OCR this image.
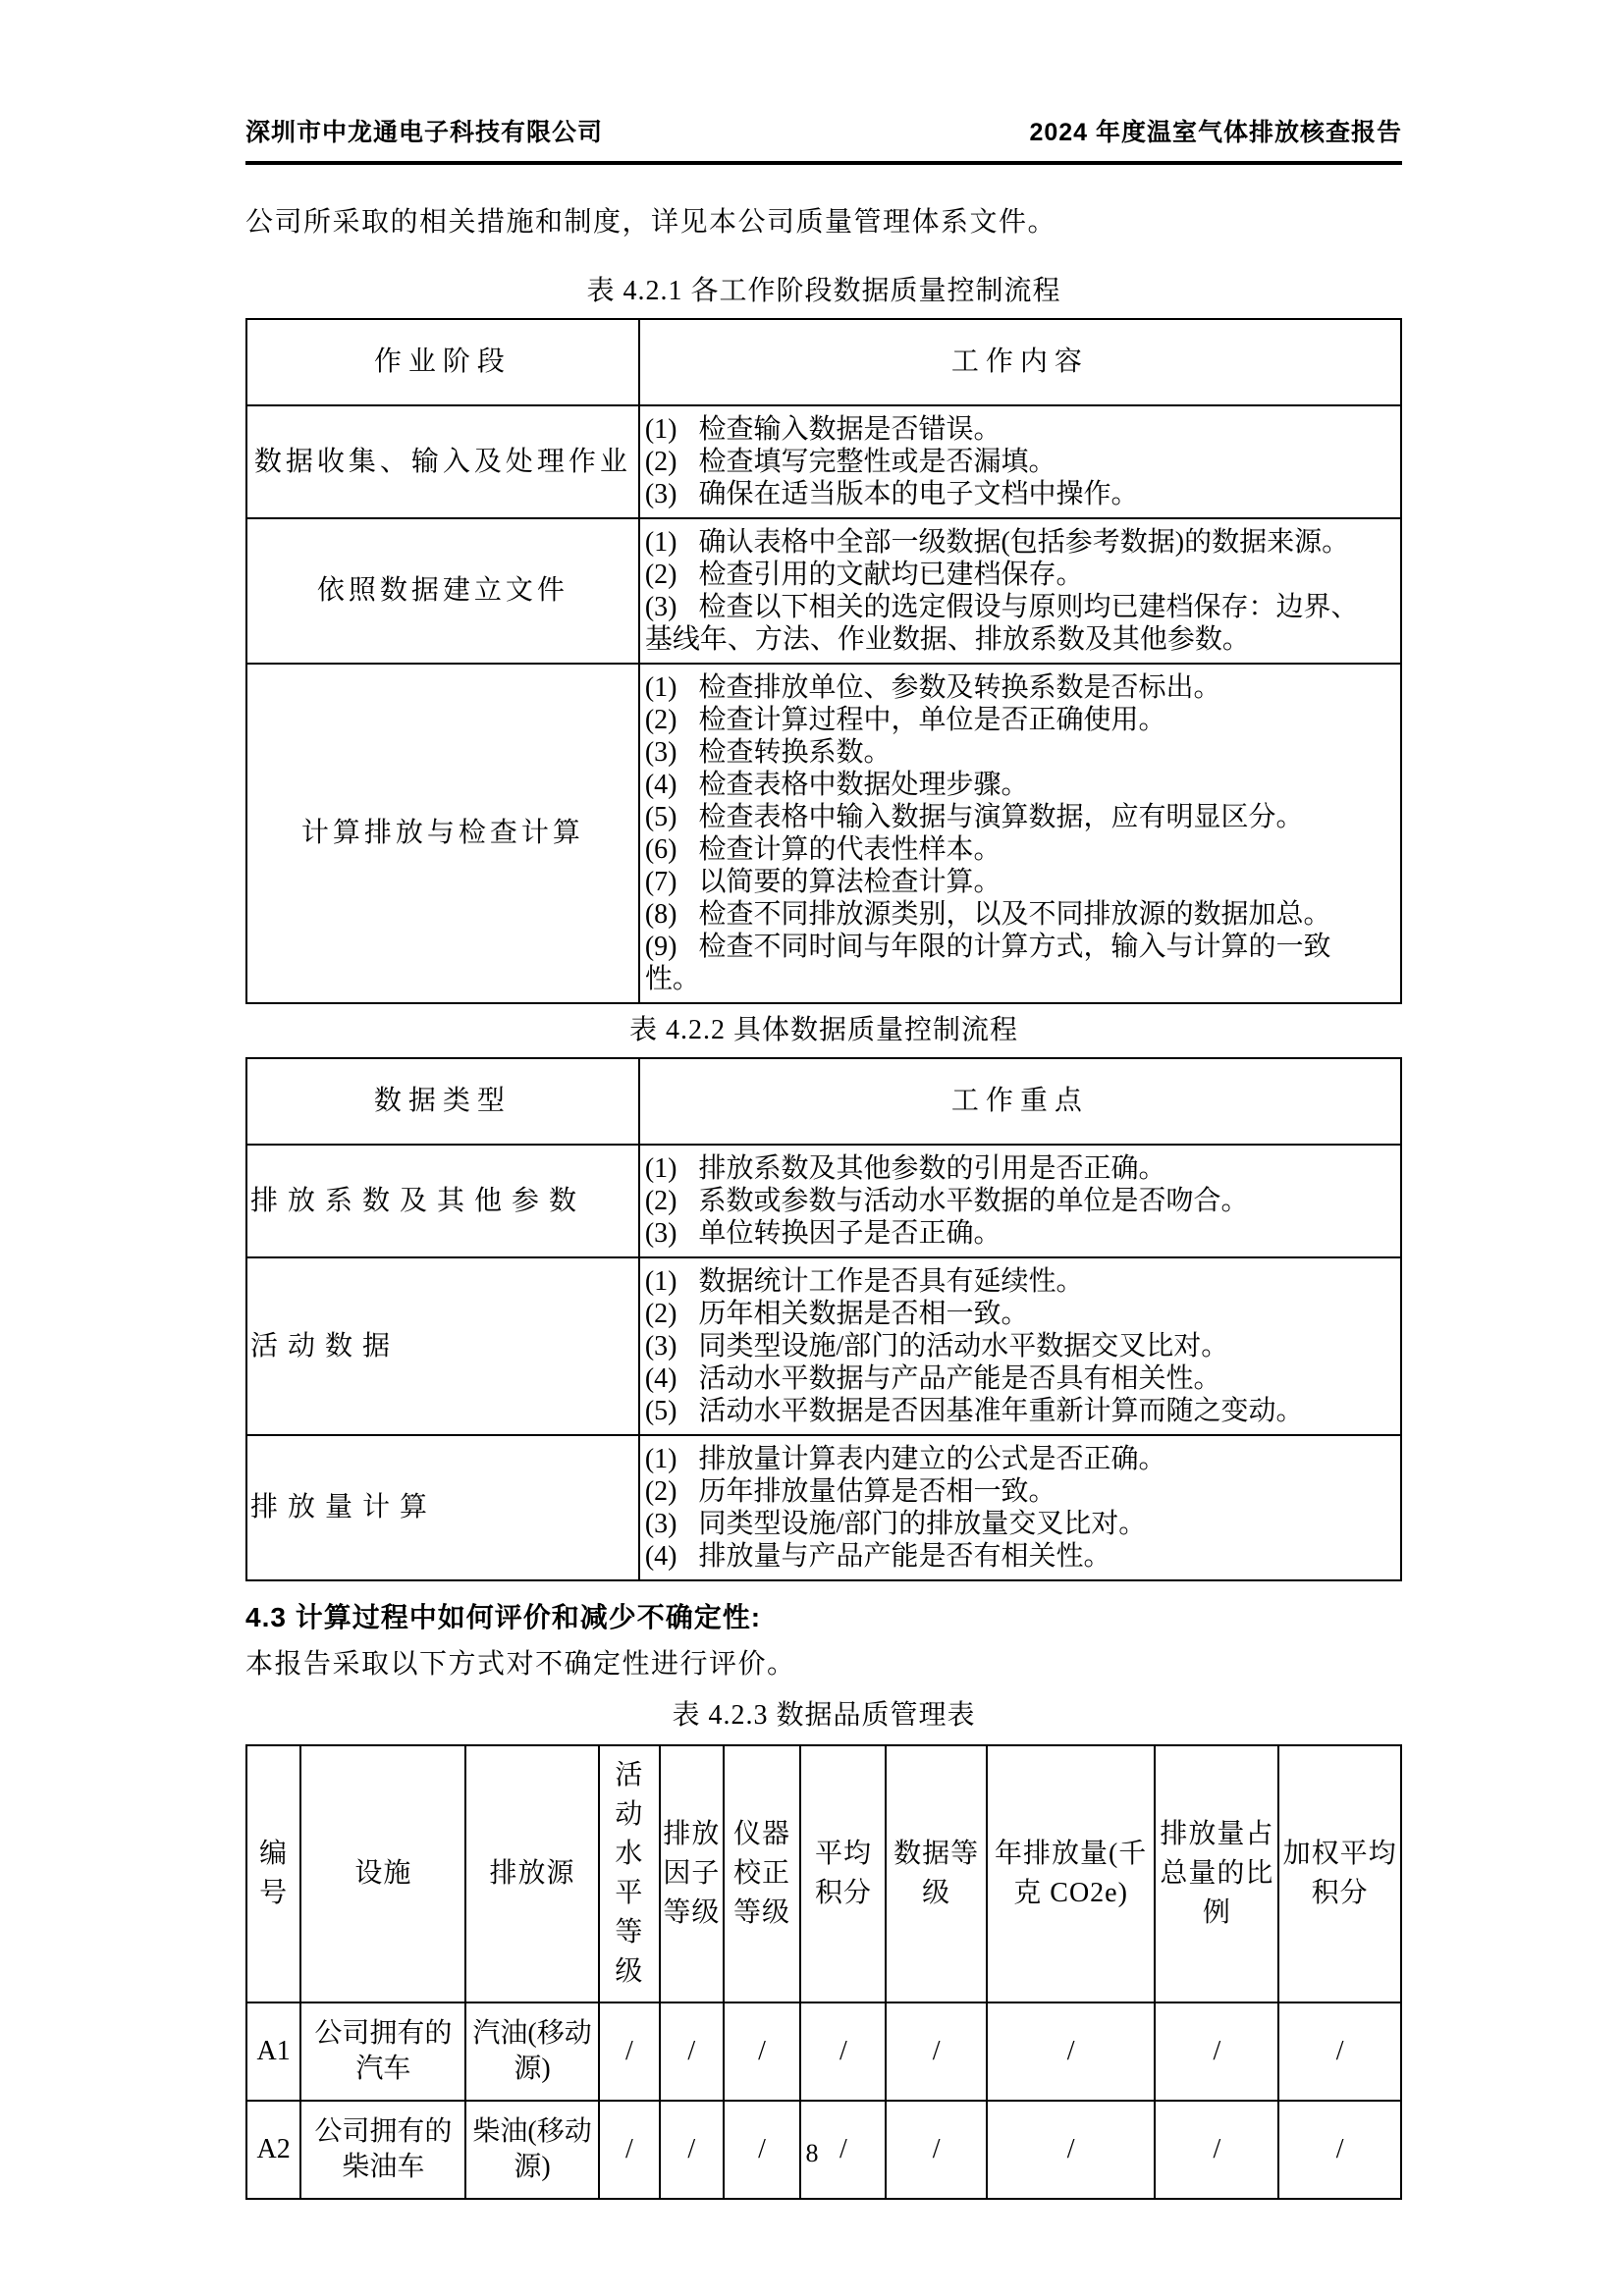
深圳市中龙通电子科技有限公司	2024 年度温室气体排放核查报告

公司所采取的相关措施和制度，详见本公司质量管理体系文件。

表 4.2.1 各工作阶段数据质量控制流程
作业阶段	工作内容
数据收集、输入及处理作业	(1) 检查输入数据是否错误。
(2) 检查填写完整性或是否漏填。
(3) 确保在适当版本的电子文档中操作。

依照数据建立文件	(1) 确认表格中全部一级数据(包括参考数据)的数据来源。
(2) 检查引用的文献均已建档保存。
(3) 检查以下相关的选定假设与原则均已建档保存：边界、基线年、方法、作业数据、排放系数及其他参数。

计算排放与检查计算	
(1) 检查排放单位、参数及转换系数是否标出。
(2) 检查计算过程中，单位是否正确使用。
(3) 检查转换系数。
(4) 检查表格中数据处理步骤。
(5) 检查表格中输入数据与演算数据，应有明显区分。
(6) 检查计算的代表性样本。
(7) 以简要的算法检查计算。
(8) 检查不同排放源类别，以及不同排放源的数据加总。
(9) 检查不同时间与年限的计算方式，输入与计算的一致性。
表 4.2.2 具体数据质量控制流程
数据类型	工作重点
排放系数及其他参数	(1) 排放系数及其他参数的引用是否正确。
(2) 系数或参数与活动水平数据的单位是否吻合。
(3) 单位转换因子是否正确。

活动数据	(1) 数据统计工作是否具有延续性。
(2) 历年相关数据是否相一致。
(3) 同类型设施/部门的活动水平数据交叉比对。
(4) 活动水平数据与产品产能是否具有相关性。
(5) 活动水平数据是否因基准年重新计算而随之变动。

排放量计算	(1) 排放量计算表内建立的公式是否正确。
(2) 历年排放量估算是否相一致。
(3) 同类型设施/部门的排放量交叉比对。
(4) 排放量与产品产能是否有相关性。
4.3 计算过程中如何评价和减少不确定性:

本报告采取以下方式对不确定性进行评价。

表 4.2.3 数据品质管理表
编号	设施	排放源	活动水平等级	排放因子等级	仪器校正等级	平均积分	数据等级	年排放量(千克 CO2e)	排放量占总量的比例	加权平均积分
A1	公司拥有的汽车	汽油(移动源)	/	/	/	/	/	/	/	/
A2	公司拥有的柴油车	柴油(移动源)	/	/	/	/	/	/	/	/
8
